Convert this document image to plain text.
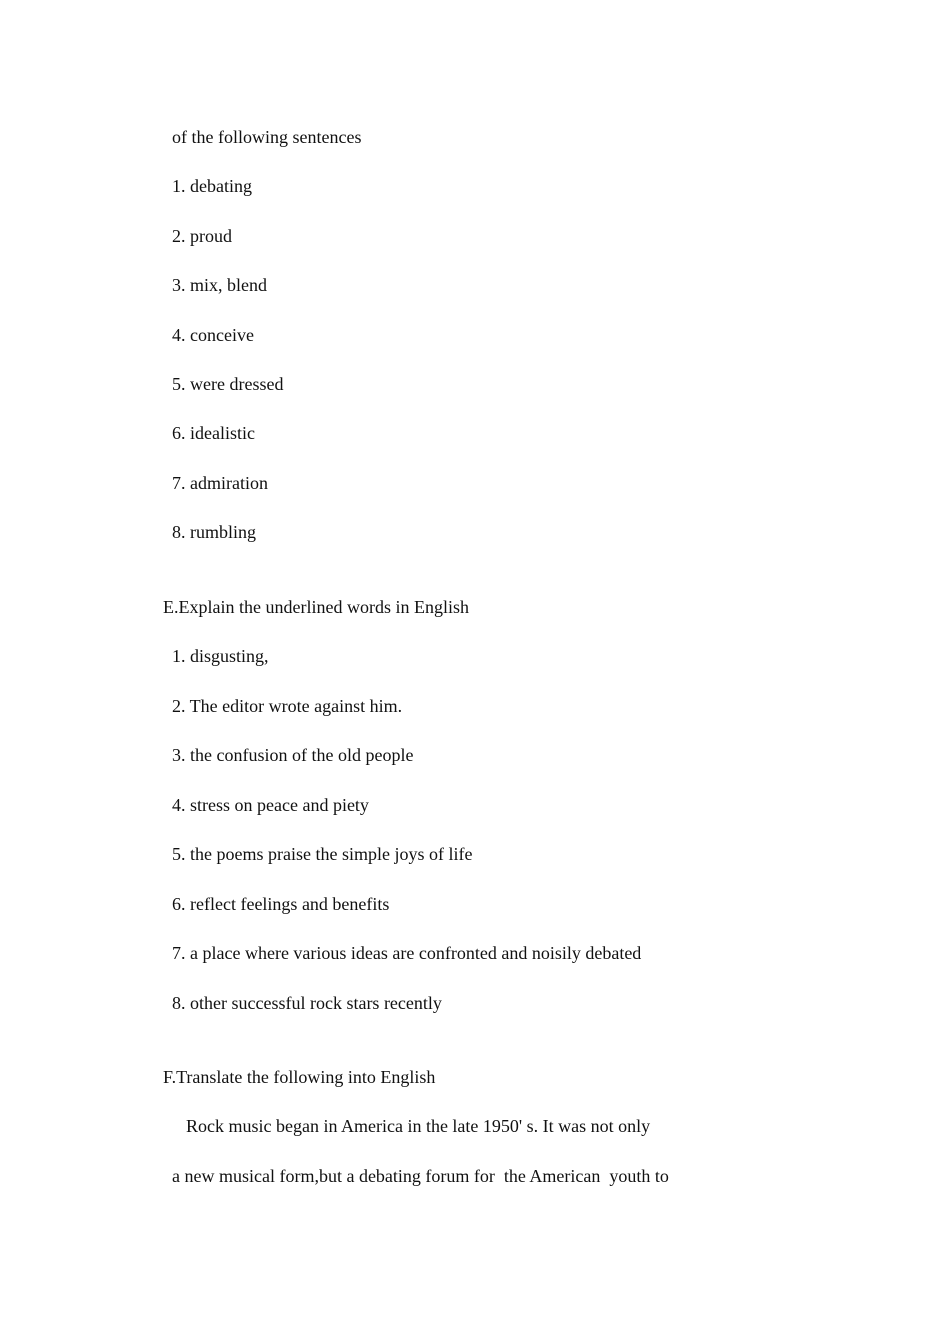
of the following sentences
1. debating
2. proud
3. mix, blend
4. conceive
5. were dressed
6. idealistic
7. admiration
8. rumbling
E.Explain the underlined words in English
1. disgusting,
2. The editor wrote against him.
3. the confusion of the old people
4. stress on peace and piety
5. the poems praise the simple joys of life
6. reflect feelings and benefits
7. a place where various ideas are confronted and noisily debated
8. other successful rock stars recently
F.Translate the following into English
Rock music began in America in the late 1950' s. It was not only
a new musical form,but a debating forum for  the American  youth to
